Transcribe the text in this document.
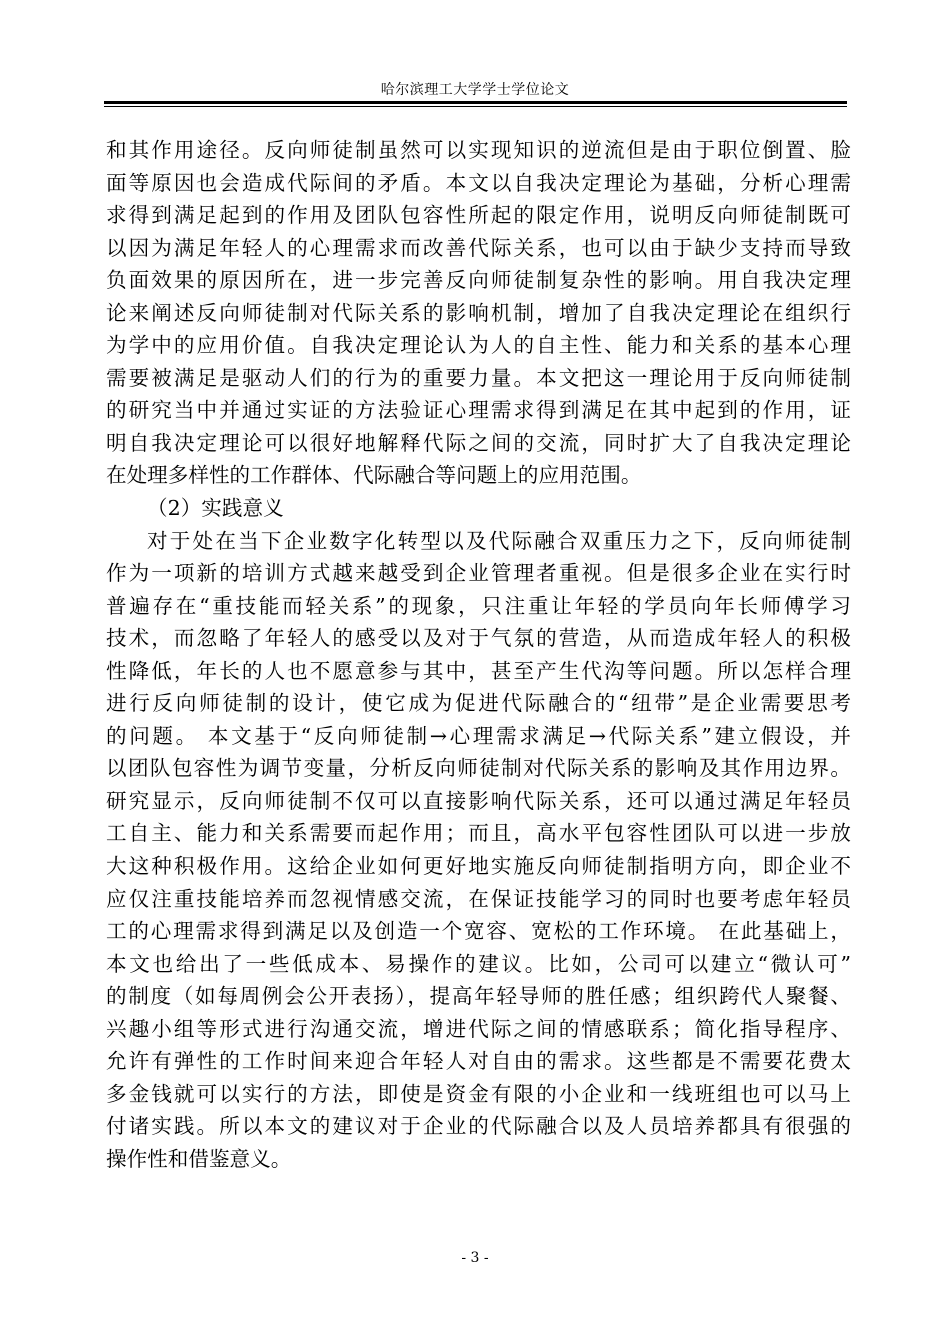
哈尔滨理工大学学士学位论文
和其作用途径。反向师徒制虽然可以实现知识的逆流但是由于职位倒置、脸
面等原因也会造成代际间的矛盾。本文以自我决定理论为基础，分析心理需
求得到满足起到的作用及团队包容性所起的限定作用，说明反向师徒制既可
以因为满足年轻人的心理需求而改善代际关系，也可以由于缺少支持而导致
负面效果的原因所在，进一步完善反向师徒制复杂性的影响。用自我决定理
论来阐述反向师徒制对代际关系的影响机制，增加了自我决定理论在组织行
为学中的应用价值。自我决定理论认为人的自主性、能力和关系的基本心理
需要被满足是驱动人们的行为的重要力量。本文把这一理论用于反向师徒制
的研究当中并通过实证的方法验证心理需求得到满足在其中起到的作用，证
明自我决定理论可以很好地解释代际之间的交流，同时扩大了自我决定理论
在处理多样性的工作群体、代际融合等问题上的应用范围。
（2）实践意义
对于处在当下企业数字化转型以及代际融合双重压力之下，反向师徒制
作为一项新的培训方式越来越受到企业管理者重视。但是很多企业在实行时
普遍存在“重技能而轻关系”的现象，只注重让年轻的学员向年长师傅学习
技术，而忽略了年轻人的感受以及对于气氛的营造，从而造成年轻人的积极
性降低，年长的人也不愿意参与其中，甚至产生代沟等问题。所以怎样合理
进行反向师徒制的设计，使它成为促进代际融合的“纽带”是企业需要思考
的问题。 本文基于“反向师徒制→心理需求满足→代际关系”建立假设，并
以团队包容性为调节变量，分析反向师徒制对代际关系的影响及其作用边界。
研究显示，反向师徒制不仅可以直接影响代际关系，还可以通过满足年轻员
工自主、能力和关系需要而起作用；而且，高水平包容性团队可以进一步放
大这种积极作用。这给企业如何更好地实施反向师徒制指明方向，即企业不
应仅注重技能培养而忽视情感交流，在保证技能学习的同时也要考虑年轻员
工的心理需求得到满足以及创造一个宽容、宽松的工作环境。 在此基础上，
本文也给出了一些低成本、易操作的建议。比如，公司可以建立“微认可”
的制度（如每周例会公开表扬），提高年轻导师的胜任感；组织跨代人聚餐、
兴趣小组等形式进行沟通交流，增进代际之间的情感联系；简化指导程序、
允许有弹性的工作时间来迎合年轻人对自由的需求。这些都是不需要花费太
多金钱就可以实行的方法，即使是资金有限的小企业和一线班组也可以马上
付诸实践。所以本文的建议对于企业的代际融合以及人员培养都具有很强的
操作性和借鉴意义。
- 3 -
